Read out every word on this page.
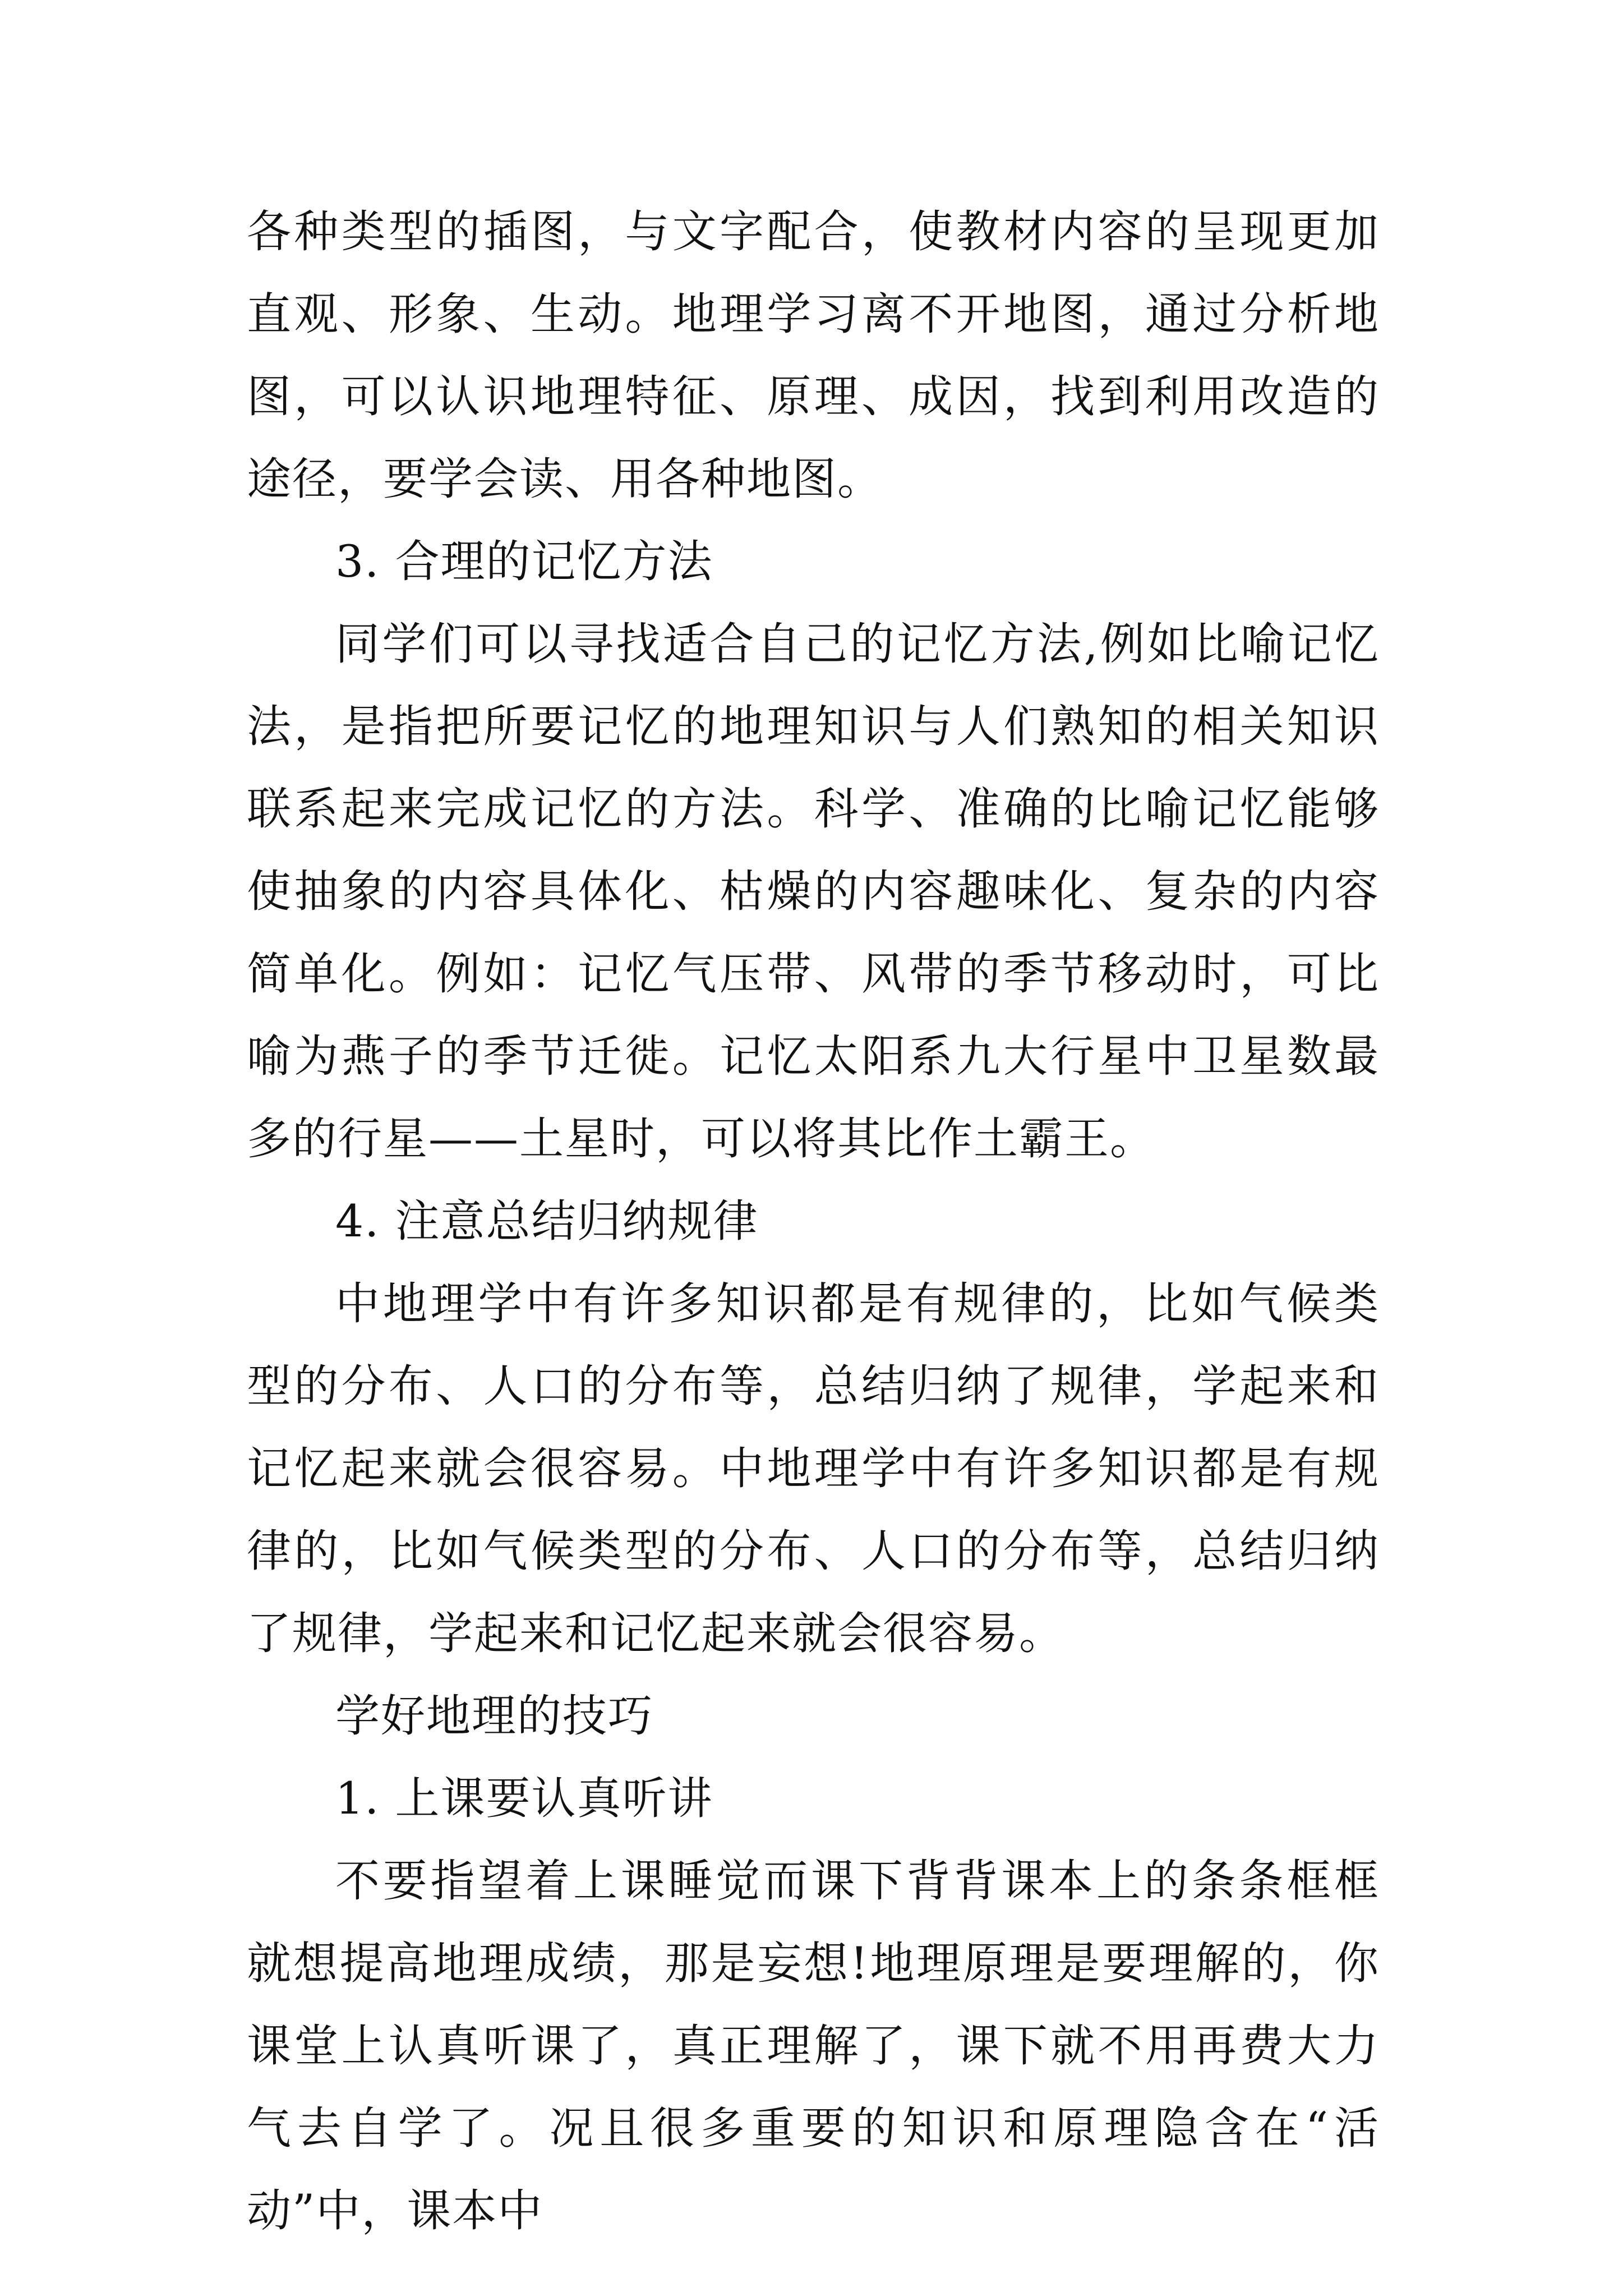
各种类型的插图，与文字配合，使教材内容的呈现更加直观、形象、生动。地理学习离不开地图，通过分析地图，可以认识地理特征、原理、成因，找到利用改造的途径，要学会读、用各种地图。

3. 合理的记忆方法

同学们可以寻找适合自己的记忆方法,例如比喻记忆法，是指把所要记忆的地理知识与人们熟知的相关知识联系起来完成记忆的方法。科学、准确的比喻记忆能够使抽象的内容具体化、枯燥的内容趣味化、复杂的内容简单化。例如：记忆气压带、风带的季节移动时，可比喻为燕子的季节迁徙。记忆太阳系九大行星中卫星数最多的行星——土星时，可以将其比作土霸王。

4. 注意总结归纳规律

中地理学中有许多知识都是有规律的，比如气候类型的分布、人口的分布等，总结归纳了规律，学起来和记忆起来就会很容易。中地理学中有许多知识都是有规律的，比如气候类型的分布、人口的分布等，总结归纳了规律，学起来和记忆起来就会很容易。

学好地理的技巧

1. 上课要认真听讲

不要指望着上课睡觉而课下背背课本上的条条框框就想提高地理成绩，那是妄想!地理原理是要理解的，你课堂上认真听课了，真正理解了，课下就不用再费大力气去自学了。况且很多重要的知识和原理隐含在“活动”中，课本中
